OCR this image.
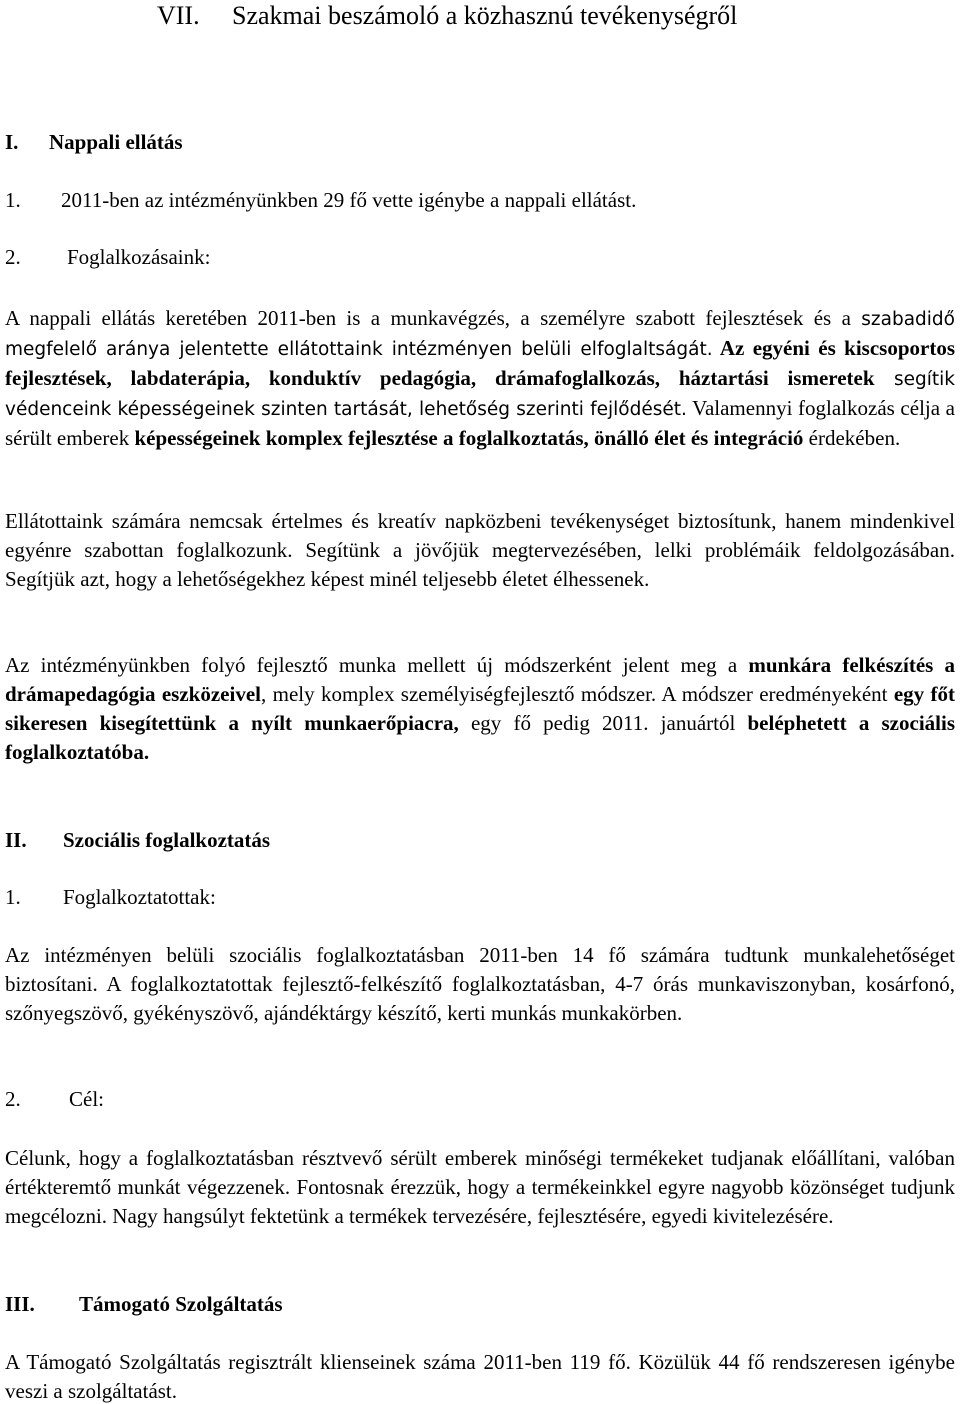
VII. Szakmai beszámoló a közhasznú tevékenységről
I. Nappali ellátás
1. 2011-ben az intézményünkben 29 fő vette igénybe a nappali ellátást.
2. Foglalkozásaink:

A nappali ellátás keretében 2011-ben is a munkavégzés, a személyre szabott fejlesztések és a szabadidő megfelelő aránya jelentette ellátottaink intézményen belüli elfoglaltságát. Az egyéni és kiscsoportos fejlesztések, labdaterápia, konduktív pedagógia, drámafoglalkozás, háztartási ismeretek segítik védenceink képességeinek szinten tartását, lehetőség szerinti fejlődését. Valamennyi foglalkozás célja a sérült emberek képességeinek komplex fejlesztése a foglalkoztatás, önálló élet és integráció érdekében.

Ellátottaink számára nemcsak értelmes és kreatív napközbeni tevékenységet biztosítunk, hanem mindenkivel egyénre szabottan foglalkozunk. Segítünk a jövőjük megtervezésében, lelki problémáik feldolgozásában. Segítjük azt, hogy a lehetőségekhez képest minél teljesebb életet élhessenek.

Az intézményünkben folyó fejlesztő munka mellett új módszerként jelent meg a munkára felkészítés a drámapedagógia eszközeivel, mely komplex személyiségfejlesztő módszer. A módszer eredményeként egy főt sikeresen kisegítettünk a nyílt munkaerőpiacra, egy fő pedig 2011. januártól beléphetett a szociális foglalkoztatóba.

II. Szociális foglalkoztatás
1. Foglalkoztatottak:

Az intézményen belüli szociális foglalkoztatásban 2011-ben 14 fő számára tudtunk munkalehetőséget biztosítani. A foglalkoztatottak fejlesztő-felkészítő foglalkoztatásban, 4-7 órás munkaviszonyban, kosárfonó, szőnyegszövő, gyékényszövő, ajándéktárgy készítő, kerti munkás munkakörben.

2. Cél:

Célunk, hogy a foglalkoztatásban résztvevő sérült emberek minőségi termékeket tudjanak előállítani, valóban értékteremtő munkát végezzenek. Fontosnak érezzük, hogy a termékeinkkel egyre nagyobb közönséget tudjunk megcélozni. Nagy hangsúlyt fektetünk a termékek tervezésére, fejlesztésére, egyedi kivitelezésére.

III. Támogató Szolgáltatás

A Támogató Szolgáltatás regisztrált klienseinek száma 2011-ben 119 fő. Közülük 44 fő rendszeresen igénybe veszi a szolgáltatást.
